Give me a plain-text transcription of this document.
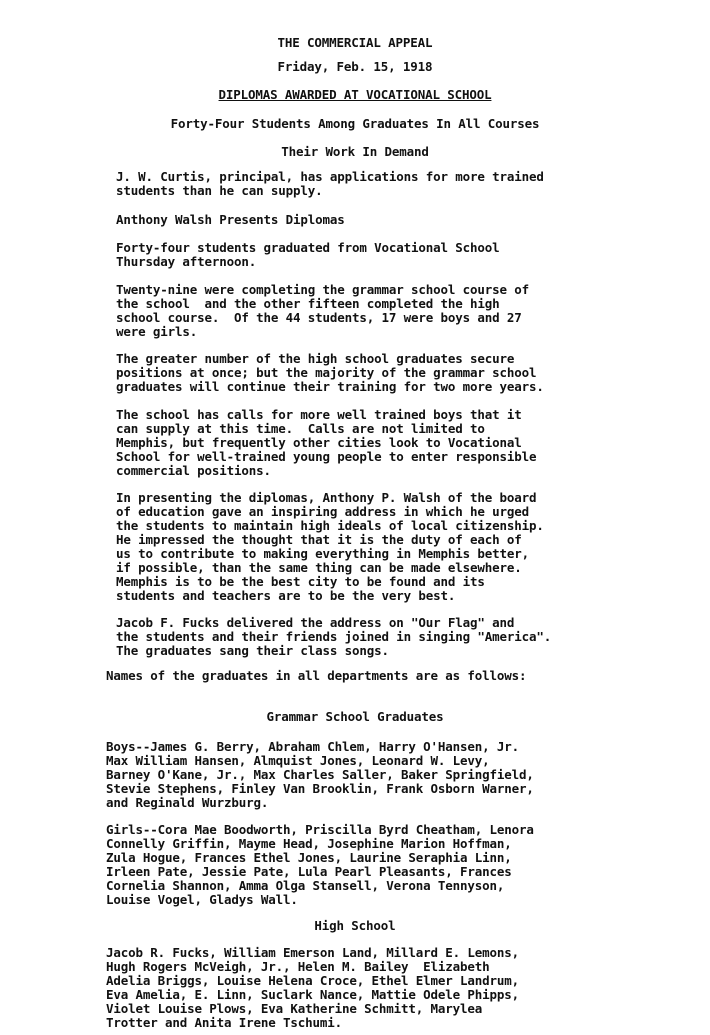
THE COMMERCIAL APPEAL
Friday, Feb. 15, 1918
DIPLOMAS AWARDED AT VOCATIONAL SCHOOL
Forty-Four Students Among Graduates In All Courses
Their Work In Demand
J. W. Curtis, principal, has applications for more trained
students than he can supply.
Anthony Walsh Presents Diplomas
Forty-four students graduated from Vocational School
Thursday afternoon.
Twenty-nine were completing the grammar school course of
the school  and the other fifteen completed the high
school course.  Of the 44 students, 17 were boys and 27
were girls.
The greater number of the high school graduates secure
positions at once; but the majority of the grammar school
graduates will continue their training for two more years.
The school has calls for more well trained boys that it
can supply at this time.  Calls are not limited to
Memphis, but frequently other cities look to Vocational
School for well-trained young people to enter responsible
commercial positions.
In presenting the diplomas, Anthony P. Walsh of the board
of education gave an inspiring address in which he urged
the students to maintain high ideals of local citizenship.
He impressed the thought that it is the duty of each of
us to contribute to making everything in Memphis better,
if possible, than the same thing can be made elsewhere.
Memphis is to be the best city to be found and its
students and teachers are to be the very best.
Jacob F. Fucks delivered the address on "Our Flag" and
the students and their friends joined in singing "America".
The graduates sang their class songs.
Names of the graduates in all departments are as follows:
Grammar School Graduates
Boys--James G. Berry, Abraham Chlem, Harry O'Hansen, Jr.
Max William Hansen, Almquist Jones, Leonard W. Levy,
Barney O'Kane, Jr., Max Charles Saller, Baker Springfield,
Stevie Stephens, Finley Van Brooklin, Frank Osborn Warner,
and Reginald Wurzburg.
Girls--Cora Mae Boodworth, Priscilla Byrd Cheatham, Lenora
Connelly Griffin, Mayme Head, Josephine Marion Hoffman,
Zula Hogue, Frances Ethel Jones, Laurine Seraphia Linn,
Irleen Pate, Jessie Pate, Lula Pearl Pleasants, Frances
Cornelia Shannon, Amma Olga Stansell, Verona Tennyson,
Louise Vogel, Gladys Wall.
High School
Jacob R. Fucks, William Emerson Land, Millard E. Lemons,
Hugh Rogers McVeigh, Jr., Helen M. Bailey  Elizabeth
Adelia Briggs, Louise Helena Croce, Ethel Elmer Landrum,
Eva Amelia, E. Linn, Suclark Nance, Mattie Odele Phipps,
Violet Louise Plows, Eva Katherine Schmitt, Marylea
Trotter and Anita Irene Tschumi.
